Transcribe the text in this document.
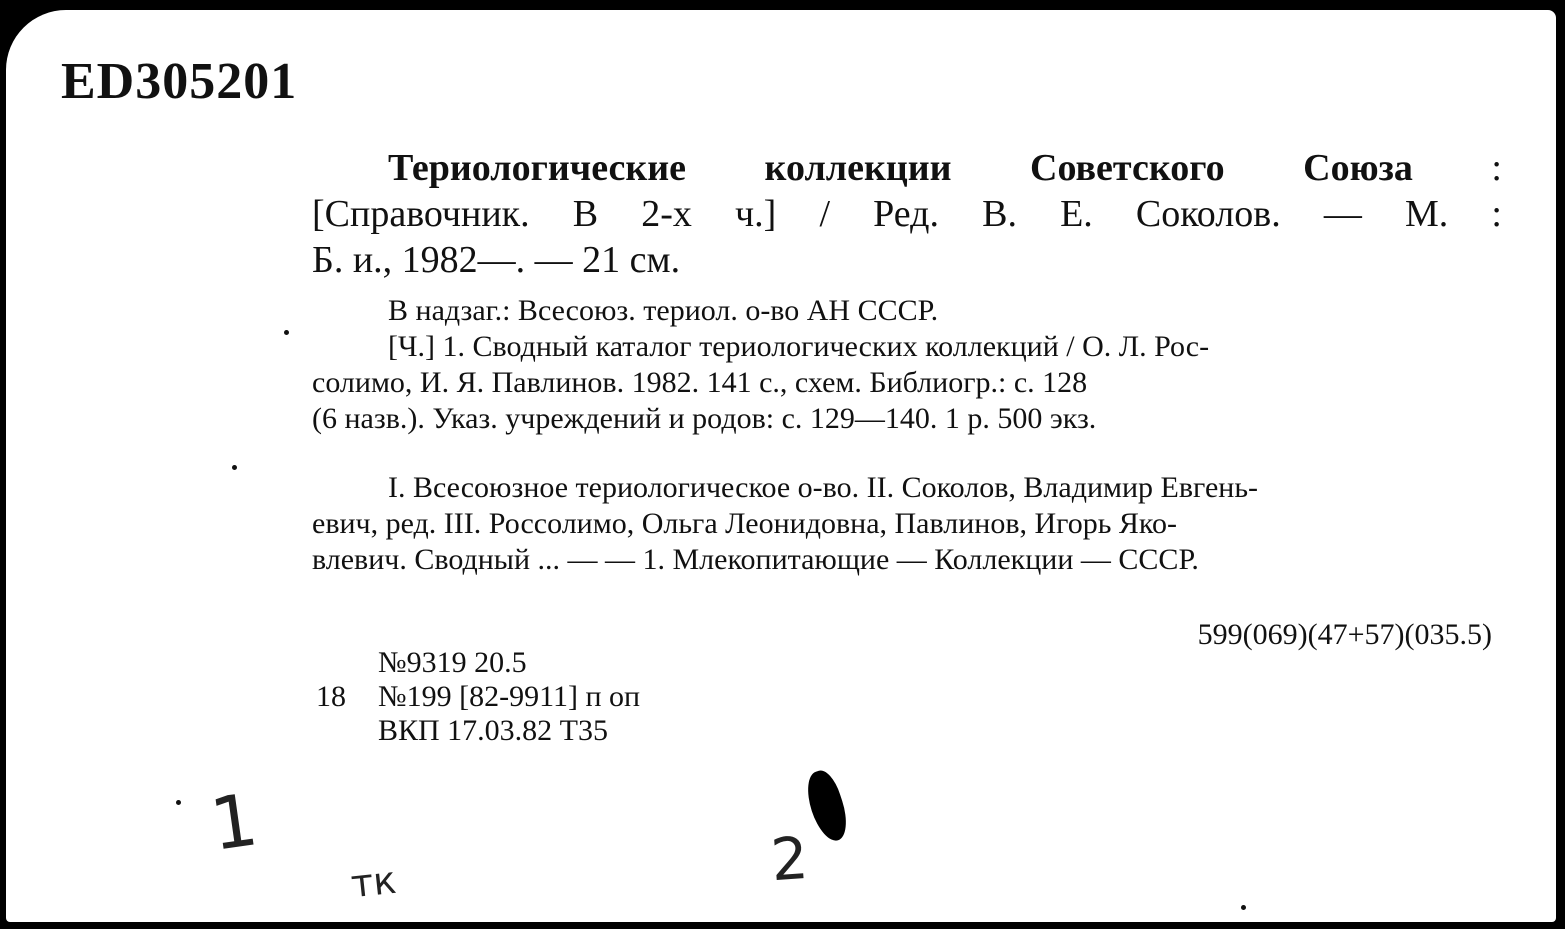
ED305201
Териологические коллекции Советского Союза :
[Справочник. В 2-х ч.] / Ред. В. Е. Соколов. — М. :
Б. и., 1982—. — 21 см.
В надзаг.: Всесоюз. териол. о-во АН СССР.
[Ч.] 1. Сводный каталог териологических коллекций / О. Л. Рос-
солимо, И. Я. Павлинов. 1982. 141 с., схем. Библиогр.: с. 128
(6 назв.). Указ. учреждений и родов: с. 129—140. 1 р. 500 экз.
I. Всесоюзное териологическое о-во. II. Соколов, Владимир Евгень-
евич, ред. III. Россолимо, Ольга Леонидовна, Павлинов, Игорь Яко-
влевич. Сводный ... — — 1. Млекопитающие — Коллекции — СССР.
599(069)(47+57)(035.5)
№9319 20.5
18 №199 [82-9911] п оп
ВКП 17.03.82 Т35
1
тк	2
